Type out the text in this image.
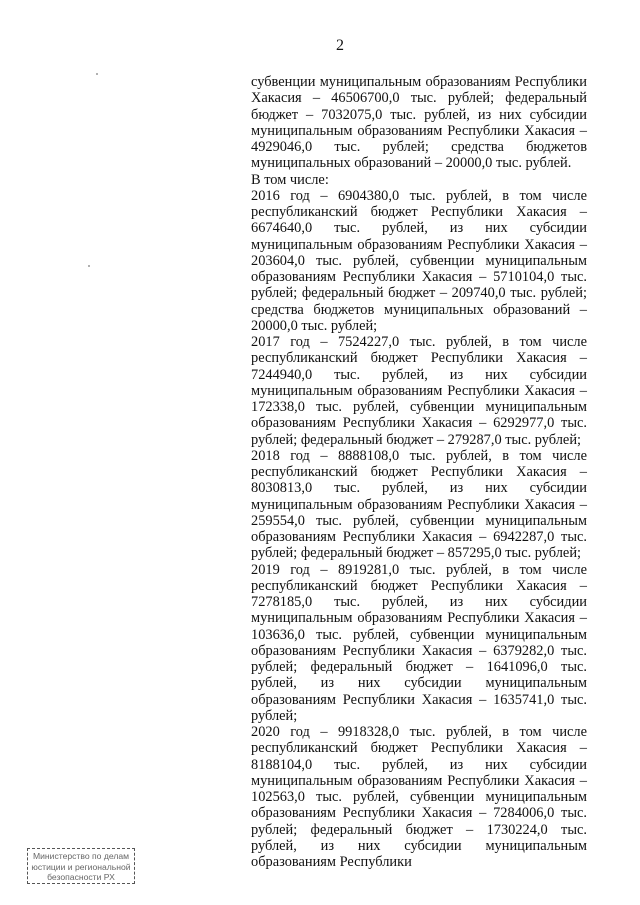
2

субвенции муниципальным образованиям Республики Хакасия – 46506700,0 тыс. рублей; федеральный бюджет – 7032075,0 тыс. рублей, из них субсидии муниципальным образованиям Республики Хакасия – 4929046,0 тыс. рублей; средства бюджетов муниципальных образований – 20000,0 тыс. рублей.

В том числе:

2016 год – 6904380,0 тыс. рублей, в том числе республиканский бюджет Республики Хакасия – 6674640,0 тыс. рублей, из них субсидии муниципальным образованиям Республики Хакасия – 203604,0 тыс. рублей, субвенции муниципальным образованиям Республики Хакасия – 5710104,0 тыс. рублей; федеральный бюджет – 209740,0 тыс. рублей; средства бюджетов муниципальных образований – 20000,0 тыс. рублей;

2017 год – 7524227,0 тыс. рублей, в том числе республиканский бюджет Республики Хакасия – 7244940,0 тыс. рублей, из них субсидии муниципальным образованиям Республики Хакасия – 172338,0 тыс. рублей, субвенции муниципальным образованиям Республики Хакасия – 6292977,0 тыс. рублей; федеральный бюджет – 279287,0 тыс. рублей;

2018 год – 8888108,0 тыс. рублей, в том числе республиканский бюджет Республики Хакасия – 8030813,0 тыс. рублей, из них субсидии муниципальным образованиям Республики Хакасия – 259554,0 тыс. рублей, субвенции муниципальным образованиям Республики Хакасия – 6942287,0 тыс. рублей; федеральный бюджет – 857295,0 тыс. рублей;

2019 год – 8919281,0 тыс. рублей, в том числе республиканский бюджет Республики Хакасия – 7278185,0 тыс. рублей, из них субсидии муниципальным образованиям Республики Хакасия – 103636,0 тыс. рублей, субвенции муниципальным образованиям Республики Хакасия – 6379282,0 тыс. рублей; федеральный бюджет – 1641096,0 тыс. рублей, из них субсидии муниципальным образованиям Республики Хакасия – 1635741,0 тыс. рублей;

2020 год – 9918328,0 тыс. рублей, в том числе республиканский бюджет Республики Хакасия – 8188104,0 тыс. рублей, из них субсидии муниципальным образованиям Республики Хакасия – 102563,0 тыс. рублей, субвенции муниципальным образованиям Республики Хакасия – 7284006,0 тыс. рублей; федеральный бюджет – 1730224,0 тыс. рублей, из них субсидии муниципальным образованиям Республики

Министерство по делам
юстиции и региональной
безопасности РХ
